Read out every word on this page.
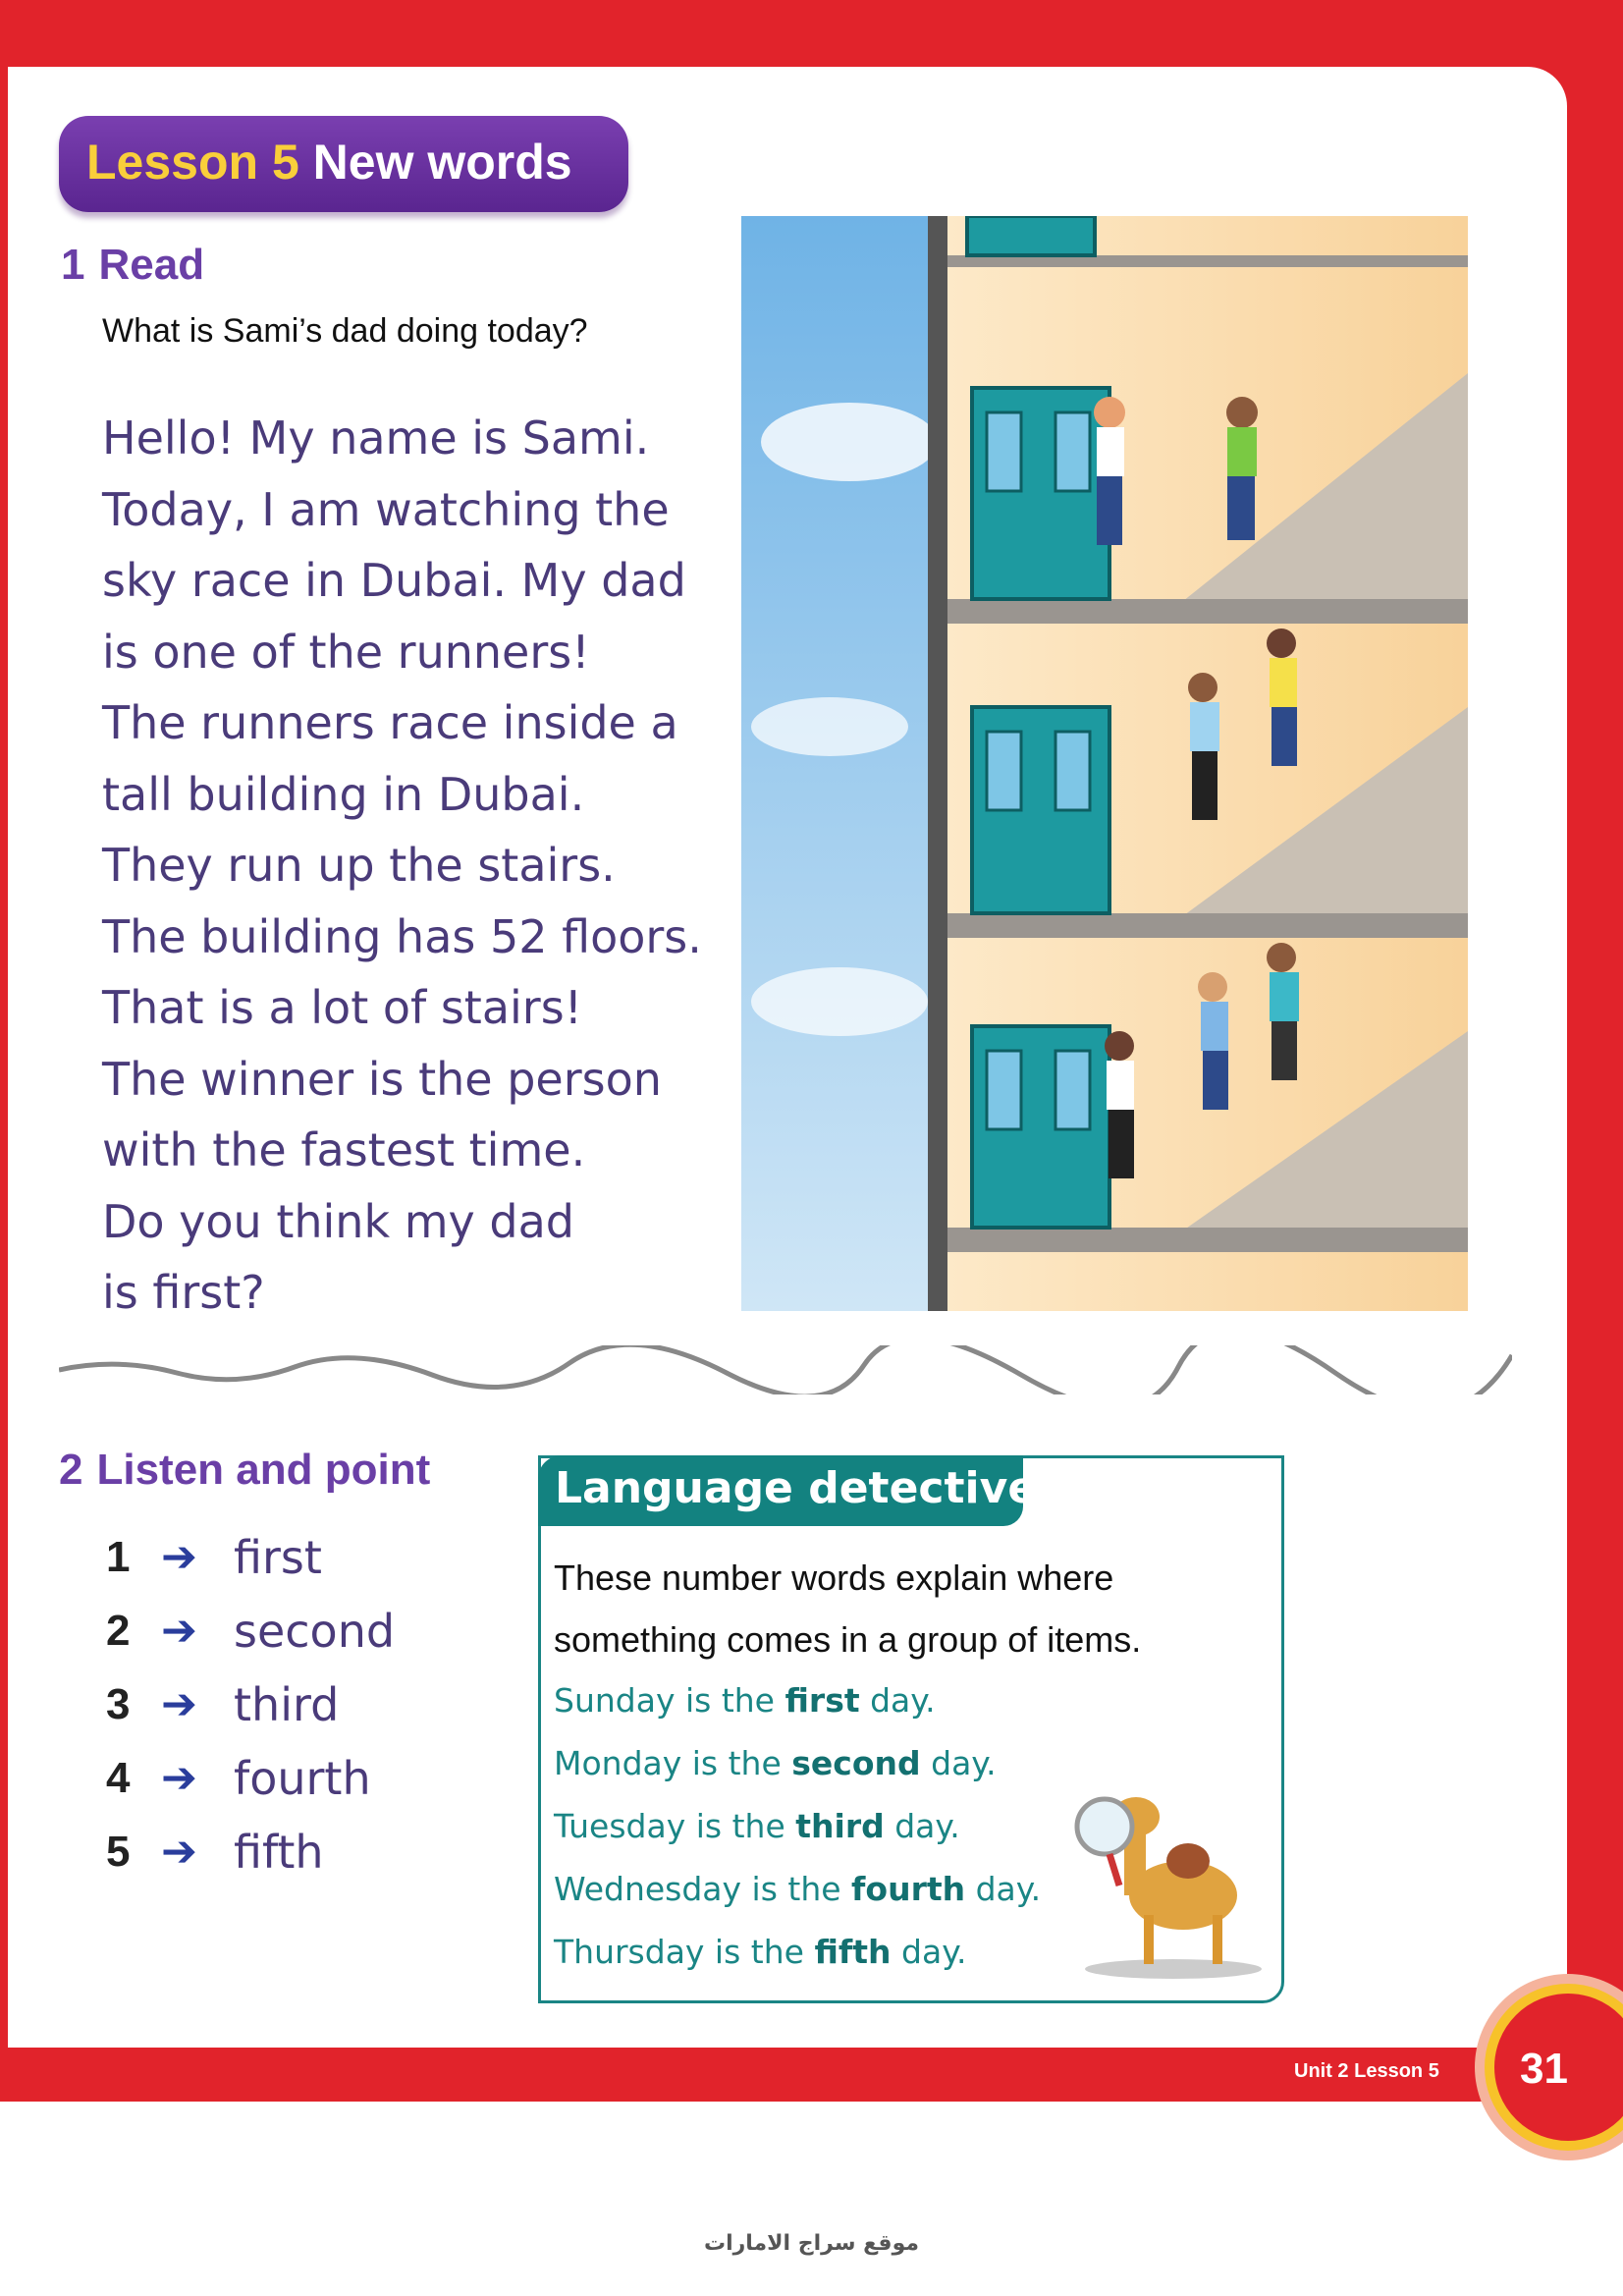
Unit 2 Lesson 5 31
موقع سراج الامارات
Lesson 5 New words
1 Read
What is Sami’s dad doing today?
Hello! My name is Sami.
Today, I am watching the
sky race in Dubai. My dad
is one of the runners!
The runners race inside a
tall building in Dubai.
They run up the stairs.
The building has 52 floors.
That is a lot of stairs!
The winner is the person
with the fastest time.
Do you think my dad
is first?
2 Listen and point
1 ➔ first
2 ➔ second
3 ➔ third
4 ➔ fourth
5 ➔ fifth
Language detective
These number words explain where something comes in a group of items.
Sunday is the first day.
Monday is the second day.
Tuesday is the third day.
Wednesday is the fourth day.
Thursday is the fifth day.
